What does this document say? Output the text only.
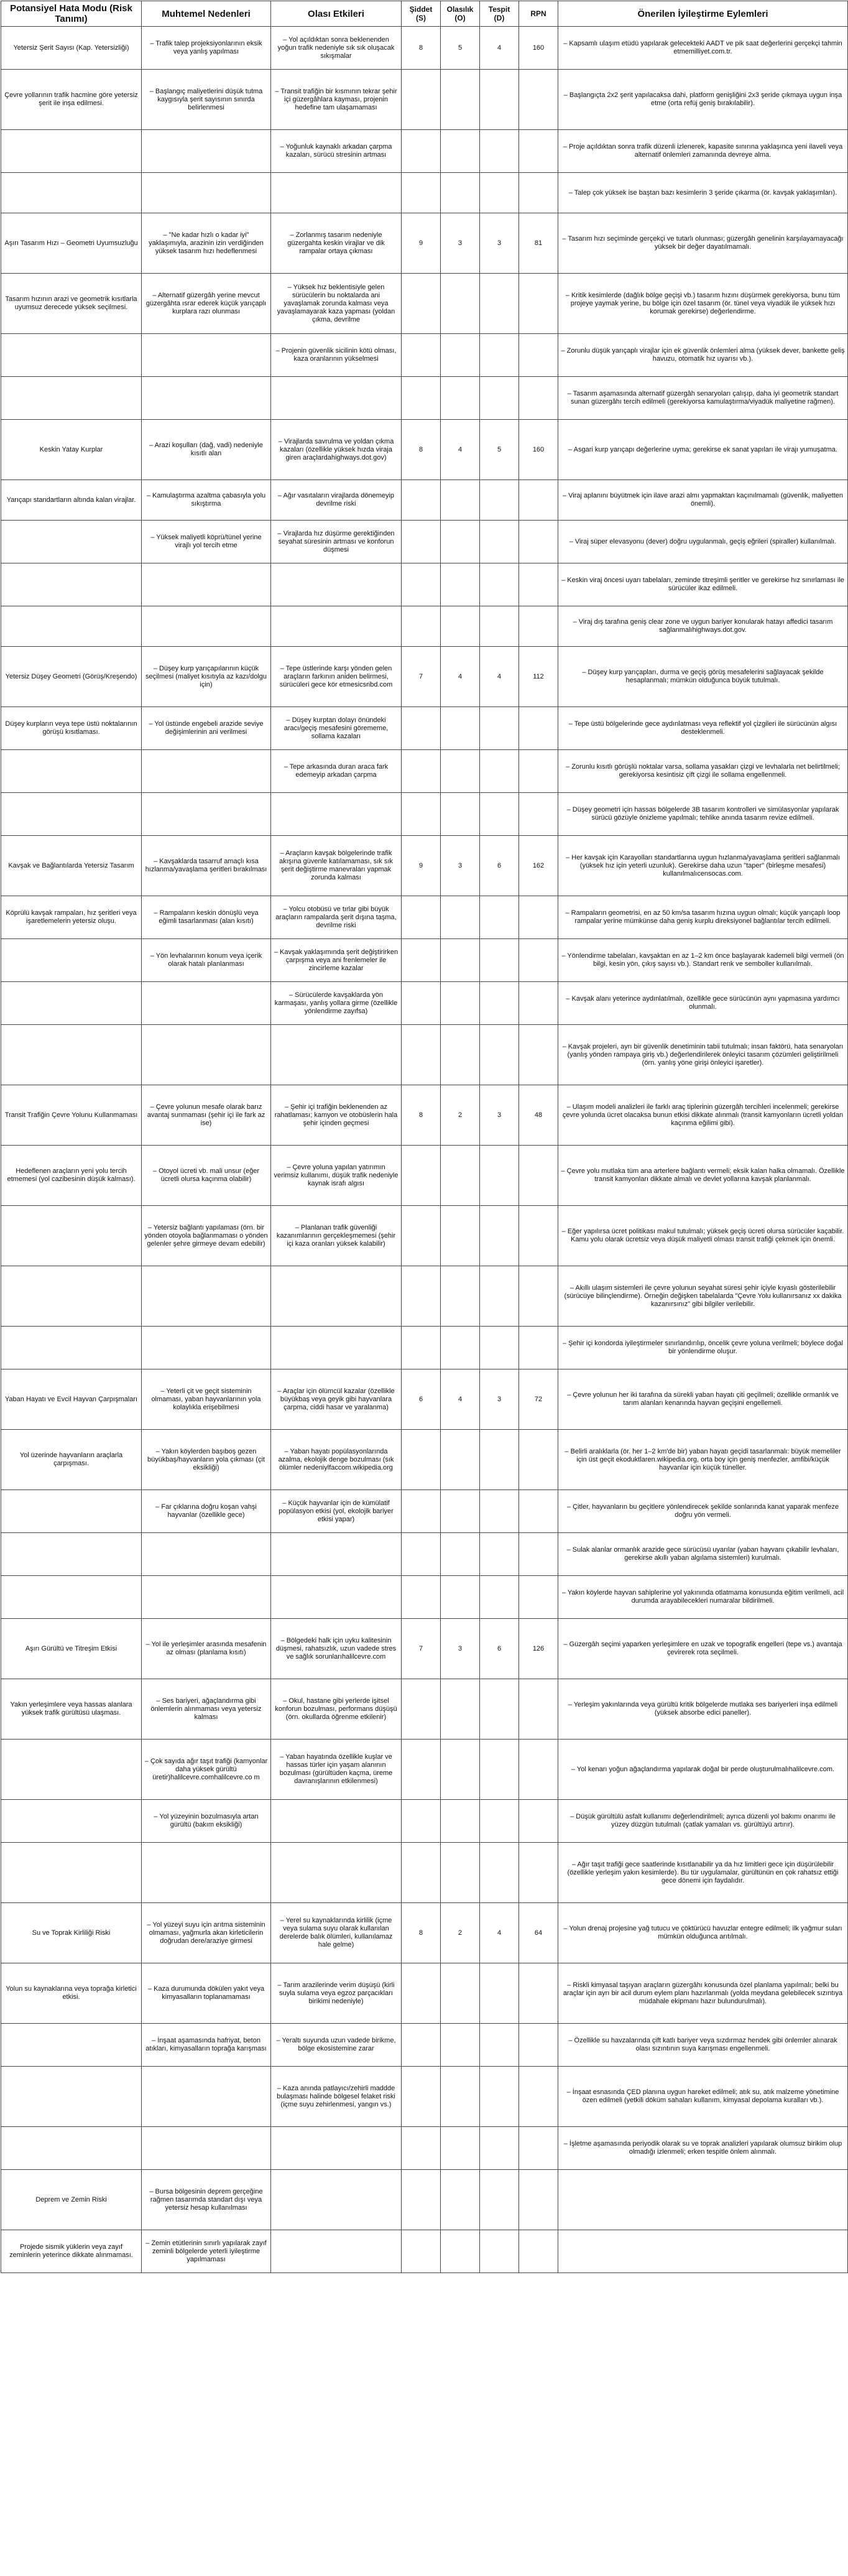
Potansiyel Hata Modu (Risk Tanımı)	Muhtemel Nedenleri	Olası Etkileri	Şiddet (S)	Olasılık (O)	Tespit (D)	RPN	Önerilen İyileştirme Eylemleri
Yetersiz Şerit Sayısı (Kap. Yetersizliği)	– Trafik talep projeksiyonlarının eksik veya yanlış yapılması	– Yol açıldıktan sonra beklenenden yoğun trafik nedeniyle sık sık oluşacak sıkışmalar	8	5	4	160	– Kapsamlı ulaşım etüdü yapılarak gelecekteki AADT ve pik saat değerlerini gerçekçi tahmin etmemilliyet.com.tr.
Çevre yollarının trafik hacmine göre yetersiz şerit ile inşa edilmesi.	– Başlangıç maliyetlerini düşük tutma kaygısıyla şerit sayısının sınırda belirlenmesi	– Transit trafiğin bir kısmının tekrar şehir içi güzergâhlara kayması, projenin hedefine tam ulaşamaması					– Başlangıçta 2x2 şerit yapılacaksa dahi, platform genişliğini 2x3 şeride çıkmaya uygun inşa etme (orta refüj geniş bırakılabilir).
		– Yoğunluk kaynaklı arkadan çarpma kazaları, sürücü stresinin artması					– Proje açıldıktan sonra trafik düzenli izlenerek, kapasite sınırına yaklaşınca yeni ilaveli veya alternatif önlemleri zamanında devreye alma.
							– Talep çok yüksek ise baştan bazı kesimlerin 3 şeride çıkarma (ör. kavşak yaklaşımları).
Aşırı Tasarım Hızı – Geometri Uyumsuzluğu	– "Ne kadar hızlı o kadar iyi" yaklaşımıyla, arazinin izin verdiğinden yüksek tasarım hızı hedeflenmesi	– Zorlanmış tasarım nedeniyle güzergahta keskin virajlar ve dik rampalar ortaya çıkması	9	3	3	81	– Tasarım hızı seçiminde gerçekçi ve tutarlı olunması; güzergâh genelinin karşılayamayacağı yüksek bir değer dayatılmamalı.
Tasarım hızının arazi ve geometrik kısıtlarla uyumsuz derecede yüksek seçilmesi.	– Alternatif güzergâh yerine mevcut güzergâhta ısrar ederek küçük yarıçaplı kurplara razı olunması	– Yüksek hız beklentisiyle gelen sürücülerin bu noktalarda ani yavaşlamak zorunda kalması veya yavaşlamayarak kaza yapması (yoldan çıkma, devrilme					– Kritik kesimlerde (dağlık bölge geçişi vb.) tasarım hızını düşürmek gerekiyorsa, bunu tüm projeye yaymak yerine, bu bölge için özel tasarım (ör. tünel veya viyadük ile yüksek hızı korumak gerekirse) değerlendirme.
		– Projenin güvenlik sicilinin kötü olması, kaza oranlarının yükselmesi					– Zorunlu düşük yarıçaplı virajlar için ek güvenlik önlemleri alma (yüksek dever, bankette geliş havuzu, otomatik hız uyarısı vb.).
							– Tasarım aşamasında alternatif güzergâh senaryoları çalışıp, daha iyi geometrik standart sunan güzergâhı tercih edilmeli (gerekiyorsa kamulaştırma/viyadük maliyetine rağmen).
Keskin Yatay Kurplar	– Arazi koşulları (dağ, vadi) nedeniyle kısıtlı alan	– Virajlarda savrulma ve yoldan çıkma kazaları (özellikle yüksek hızda viraja giren araçlardahighways.dot.gov)	8	4	5	160	– Asgari kurp yarıçapı değerlerine uyma; gerekirse ek sanat yapıları ile virajı yumuşatma.
Yarıçapı standartların altında kalan virajlar.	– Kamulaştırma azaltma çabasıyla yolu sıkıştırma	– Ağır vasıtaların virajlarda dönemeyip devrilme riski					– Viraj aplanını büyütmek için ilave arazi almı yapmaktan kaçınılmamalı (güvenlik, maliyetten önemli).
	– Yüksek maliyetli köprü/tünel yerine virajlı yol tercih etme	– Virajlarda hız düşürme gerektiğinden seyahat süresinin artması ve konforun düşmesi					– Viraj süper elevasyonu (dever) doğru uygulanmalı, geçiş eğrileri (spiraller) kullanılmalı.
							– Keskin viraj öncesi uyarı tabelaları, zeminde titreşimli şeritler ve gerekirse hız sınırlaması ile sürücüler ikaz edilmeli.
							– Viraj dış tarafına geniş clear zone ve uygun bariyer konularak hatayı affedici tasarım sağlanmalıhighways.dot.gov.
Yetersiz Düşey Geometri (Görüş/Kreşendo)	– Düşey kurp yarıçapılarının küçük seçilmesi (maliyet kısıtıyla az kazı/dolgu için)	– Tepe üstlerinde karşı yönden gelen araçların farkının ani̇den belirmesi, sürücüleri gece kör etmesicsribd.com	7	4	4	112	– Düşey kurp yarıçapları, durma ve geçiş görüş mesafelerini sağlayacak şekilde hesaplanmalı; mümkün olduğunca büyük tutulmalı.
Düşey kurpların veya tepe üstü noktalarının görüşü kısıtlaması.	– Yol üstünde engebeli arazide seviye değişimlerinin ani verilmesi	– Düşey kurptan dolayı önündeki aracı/geçiş mesafesini görememe, sollama kazaları					– Tepe üstü bölgelerinde gece aydınlatması veya reflektif yol çizgileri ile sürücünün algısı desteklenmeli.
		– Tepe arkasında duran araca fark edemeyip arkadan çarpma					– Zorunlu kısıtlı görüşlü noktalar varsa, sollama yasakları çizgi ve levhalarla net belirtilmeli; gerekiyorsa kesintisiz çift çizgi ile sollama engellenmeli.
							– Düşey geometri için hassas bölgelerde 3B tasarım kontrolleri ve simülasyonlar yapılarak sürücü gözüyle önizleme yapılmalı; tehlike anında tasarım revize edilmeli.
Kavşak ve Bağlantılarda Yetersiz Tasarım	– Kavşaklarda tasarruf amaçlı kısa hızlanma/yavaşlama şeritleri bırakılması	– Araçların kavşak bölgelerinde trafik akışına güvenle katılamaması, sık sık şerit değiştirme manevraları yapmak zorunda kalması	9	3	6	162	– Her kavşak için Karayolları standartlarına uygun hızlanma/yavaşlama şeritleri sağlanmalı (yüksek hız için yeterli uzunluk). Gerekirse daha uzun "taper" (birleşme mesafesi) kullanılmalıcensocas.com.
Köprülü kavşak rampaları, hız şeritleri veya işaretlemelerin yetersiz oluşu.	– Rampaların keskin dönüşlü veya eğimli tasarlanması (alan kısıtı)	– Yolcu otobüsü ve tırlar gibi büyük araçların rampalarda şerit dışına taşma, devrilme riski					– Rampaların geometrisi, en az 50 km/sa tasarım hızına uygun olmalı; küçük yarıçaplı loop rampalar yerine mümkünse daha geniş kurplu direksiyonel bağlantılar tercih edilmeli.
	– Yön levhalarının konum veya içerik olarak hatalı planlanması	– Kavşak yaklaşımında şerit değiştirirken çarpışma veya ani frenlemeler ile zincirleme kazalar					– Yönlendirme tabelaları, kavşaktan en az 1–2 km önce başlayarak kademeli bilgi vermeli (ön bilgi, kesin yön, çıkış sayısı vb.). Standart renk ve semboller kullanılmalı.
		– Sürücülerde kavşaklarda yön karmaşası, yanlış yollara girme (özellikle yönlendirme zayıfsa)					– Kavşak alanı yeterince aydınlatılmalı, özellikle gece sürücünün aynı yapmasına yardımcı olunmalı.
							– Kavşak projeleri, ayrı bir güvenlik denetiminin tabii tutulmalı; insan faktörü, hata senaryoları (yanlış yönden rampaya giriş vb.) değerlendirilerek önleyici tasarım çözümleri geliştirilmeli (örn. yanlış yöne girişi önleyici işaretler).
Transit Trafiğin Çevre Yolunu Kullanmaması	– Çevre yolunun mesafe olarak barız avantaj sunmaması (şehir içi ile fark az ise)	– Şehir içi trafiğin beklenenden az rahatlaması; kamyon ve otobüslerin hala şehir içinden geçmesi	8	2	3	48	– Ulaşım modeli analizleri ile farklı araç tiplerinin güzergâh tercihleri incelenmeli; gerekirse çevre yolunda ücret olacaksa bunun etkisi dikkate alınmalı (transit kamyonların ücretli yoldan kaçınma eğilimi gibi).
Hedeflenen araçların yeni yolu tercih etmemesi (yol cazibesinin düşük kalması).	– Otoyol ücreti vb. mali unsur (eğer ücretli olursa kaçınma olabilir)	– Çevre yoluna yapılan yatırımın verimsiz kullanımı, düşük trafik nedeniyle kaynak israfı algısı					– Çevre yolu mutlaka tüm ana arterlere bağlantı vermeli; eksik kalan halka olmamalı. Özellikle transit kamyonları dikkate almalı ve devlet yollarına kavşak planlanmalı.
	– Yetersiz bağlantı yapılaması (örn. bir yönden otoyola bağlanmaması o yönden gelenler şehre girmeye devam edebilir)	– Planlanan trafik güvenliği kazanımlarının gerçekleşmemesi (şehir içi kaza oranları yüksek kalabilir)					– Eğer yapılırsa ücret politikası makul tutulmalı; yüksek geçiş ücreti olursa sürücüler kaçabilir. Kamu yolu olarak ücretsiz veya düşük maliyetli olması transit trafiği çekmek için önemli.
							– Akıllı ulaşım sistemleri ile çevre yolunun seyahat süresi şehir içiyle kıyaslı gösterilebilir (sürücüye bilinçlendirme). Örneğin değişken tabelalarda "Çevre Yolu kullanırsanız xx dakika kazanırsınız" gibi bilgiler verilebilir.
							– Şehir içi kondorda iyileştirmeler sınırlandırılıp, öncelik çevre yoluna verilmeli; böylece doğal bir yönlendirme oluşur.
Yaban Hayatı ve Evcil Hayvan Çarpışmaları	– Yeterli çit ve geçit sisteminin olmaması, yaban hayvanlarının yola kolaylıkla erişebilmesi	– Araçlar için ölümcül kazalar (özellikle büyükbaş veya geyik gibi hayvanlara çarpma, ciddi hasar ve yaralanma)	6	4	3	72	– Çevre yolunun her iki tarafına da sürekli yaban hayatı çiti geçilmeli; özellikle ormanlık ve tarım alanları kenarında hayvan geçişini engellemeli.
Yol üzerinde hayvanların araçlarla çarpışması.	– Yakın köylerden başıboş gezen büyükbaş/hayvanların yola çıkması (çit eksikliği)	– Yaban hayatı popülasyonlarında azalma, ekolojik denge bozulması (sık ölümler nedeniylfaccom.wikipedia.org					– Belirli aralıklarla (ör. her 1–2 km'de bir) yaban hayatı geçidi tasarlanmalı: büyük memeliler için üst geçit ekoduktlaren.wikipedia.org, orta boy için geniş menfezler, amfibi/küçük hayvanlar için küçük tüneller.
	– Far çıklarına doğru koşan vahşi hayvanlar (özellikle gece)	– Küçük hayvanlar için de kümülatif popülasyon etkisi (yol, ekolojik bariyer etkisi yapar)					– Çitler, hayvanların bu geçitlere yönlendirecek şekilde sonlarında kanat yaparak menfeze doğru yön vermeli.
							– Sulak alanlar ormanlık arazide gece sürücüsü uyarılar (yaban hayvanı çıkabilir levhaları, gerekirse akıllı yaban algılama sistemleri) kurulmalı.
							– Yakın köylerde hayvan sahiplerine yol yakınında otlatmama konusunda eğitim verilmeli, acil durumda arayabilecekleri numaralar bildirilmeli.
Aşırı Gürültü ve Titreşim Etkisi	– Yol ile yerleşimler arasında mesafenin az olması (planlama kısıtı)	– Bölgedeki halk için uyku kalitesinin düşmesi, rahatsızlık, uzun vadede stres ve sağlık sorunlarıhalilcevre.com	7	3	6	126	– Güzergâh seçimi yaparken yerleşimlere en uzak ve topografik engelleri (tepe vs.) avantaja çevirerek rota seçilmeli.
Yakın yerleşimlere veya hassas alanlara yüksek trafik gürültüsü ulaşması.	– Ses bariyeri, ağaçlandırma gibi önlemlerin alınmaması veya yetersiz kalması	– Okul, hastane gibi yerlerde işitsel konforun bozulması, performans düşüşü (örn. okullarda öğrenme etkilenir)					– Yerleşim yakınlarında veya gürültü kritik bölgelerde mutlaka ses bariyerleri inşa edilmeli (yüksek absorbe edici paneller).
	– Çok sayıda ağır taşıt trafiği (kamyonlar daha yüksek gürültü üretir)halilcevre.comhalilcevre.co m	– Yaban hayatında özellikle kuşlar ve hassas türler için yaşam alanının bozulması (gürültüden kaçma, üreme davranışlarının etkilenmesi)					– Yol kenarı yoğun ağaçlandırma yapılarak doğal bir perde oluşturulmalıhalilcevre.com.
	– Yol yüzeyinin bozulmasıyla artan gürültü (bakım eksikliği)						– Düşük gürültülü asfalt kullanımı değerlendirilmeli; ayrıca düzenli yol bakımı onarımı ile yüzey düzgün tutulmalı (çatlak yamaları vs. gürültüyü artırır).
							– Ağır taşıt trafiği gece saatlerinde kısıtlanabilir ya da hız limitleri gece için düşürülebilir (özellikle yerleşim yakın kesimlerde). Bu tür uygulamalar, gürültünün en çok rahatsız ettiği gece dönemi için faydalıdır.
Su ve Toprak Kirliliği Riski	– Yol yüzeyi suyu için arıtma sisteminin olmaması, yağmurla akan kirleticilerin doğrudan dere/araziye girmesi	– Yerel su kaynaklarında kirlilik (içme veya sulama suyu olarak kullanılan derelerde balık ölümleri, kullanılamaz hale gelme)	8	2	4	64	– Yolun drenaj projesine yağ tutucu ve çöktürücü havuzlar entegre edilmeli; ilk yağmur suları mümkün olduğunca arıtılmalı.
Yolun su kaynaklarına veya toprağa kirletici etkisi.	– Kaza durumunda dökülen yakıt veya kimyasalların toplanamaması	– Tarım arazilerinde verim düşüşü (kirli suyla sulama veya egzoz parçacıkları birikimi nedeniyle)					– Riskli kimyasal taşıyan araçların güzergâhı konusunda özel planlama yapılmalı; belki bu araçlar için ayrı bir acil durum eylem planı hazırlanmalı (yolda meydana gelebilecek sızıntıya müdahale ekipmanı hazır bulundurulmalı).
	– İnşaat aşamasında hafriyat, beton atıkları, kimyasalların toprağa karışması	– Yeraltı suyunda uzun vadede birikme, bölge ekosistemine zarar					– Özellikle su havzalarında çift katlı bariyer veya sızdırmaz hendek gibi önlemler alınarak olası sızıntının suya karışması engellenmeli.
		– Kaza anında patlayıcı/zehirli maddde bulaşması halinde bölgesel felaket riski (içme suyu zehirlenmesi, yangın vs.)					– İnşaat esnasında ÇED planına uygun hareket edilmeli; atık su, atık malzeme yönetimine özen edilmeli (yetkili döküm sahaları kullanım, kimyasal depolama kuralları vb.).
							– İşletme aşamasında periyodik olarak su ve toprak analizleri yapılarak olumsuz birikim olup olmadığı izlenmeli; erken tespitle önlem alınmalı.
Deprem ve Zemin Riski	– Bursa bölgesinin deprem gerçeğine rağmen tasarımda standart dışı veya yetersiz hesap kullanılması						
Projede sismik yüklerin veya zayıf zeminlerin yeterince dikkate alınmaması.	– Zemin etütlerinin sınırlı yapılarak zayıf zeminli bölgelerde yeterli iyileştirme yapılmaması						
